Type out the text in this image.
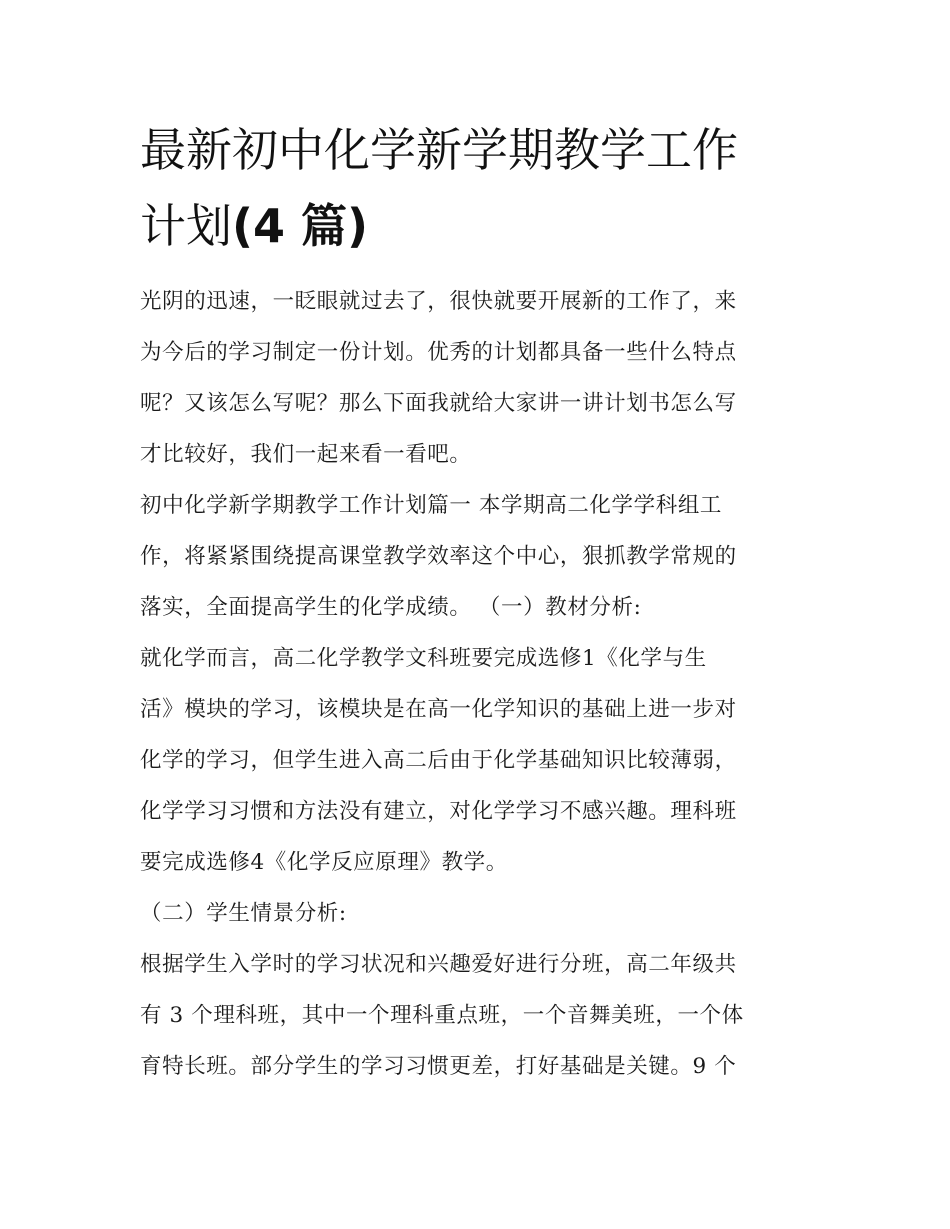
最新初中化学新学期教学工作
计划(4 篇)
光阴的迅速，一眨眼就过去了，很快就要开展新的工作了，来
为今后的学习制定一份计划。优秀的计划都具备一些什么特点
呢？又该怎么写呢？那么下面我就给大家讲一讲计划书怎么写
才比较好，我们一起来看一看吧。
初中化学新学期教学工作计划篇一 本学期高二化学学科组工
作，将紧紧围绕提高课堂教学效率这个中心，狠抓教学常规的
落实，全面提高学生的化学成绩。 （一）教材分析:
就化学而言，高二化学教学文科班要完成选修1《化学与生
活》模块的学习，该模块是在高一化学知识的基础上进一步对
化学的学习，但学生进入高二后由于化学基础知识比较薄弱，
化学学习习惯和方法没有建立，对化学学习不感兴趣。理科班
要完成选修4《化学反应原理》教学。
（二）学生情景分析:
根据学生入学时的学习状况和兴趣爱好进行分班，高二年级共
有 3 个理科班，其中一个理科重点班，一个音舞美班，一个体
育特长班。部分学生的学习习惯更差，打好基础是关键。9 个
